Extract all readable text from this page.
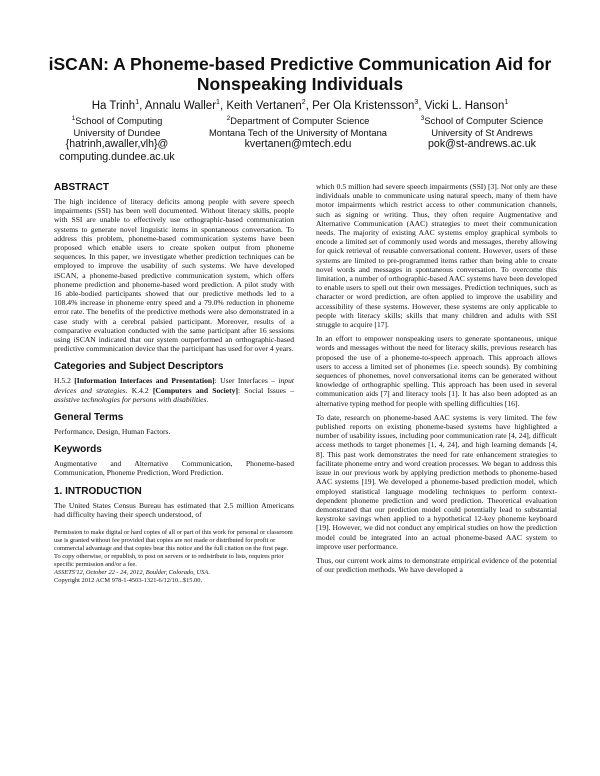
iSCAN: A Phoneme-based Predictive Communication Aid for Nonspeaking Individuals
Ha Trinh$^1$, Annalu Waller$^1$, Keith Vertanen$^2$, Per Ola Kristensson$^3$, Vicki L. Hanson$^1$
$^1$School of Computing
University of Dundee
{hatrinh,awaller,vlh}@
computing.dundee.ac.uk
$^2$Department of Computer Science
Montana Tech of the University of Montana
kvertanen@mtech.edu
$^3$School of Computer Science
University of St Andrews
pok@st-andrews.ac.uk
ABSTRACT

The high incidence of literacy deficits among people with severe speech impairments (SSI) has been well documented. Without literacy skills, people with SSI are unable to effectively use orthographic-based communication systems to generate novel linguistic items in spontaneous conversation. To address this problem, phoneme-based communication systems have been proposed which enable users to create spoken output from phoneme sequences. In this paper, we investigate whether prediction techniques can be employed to improve the usability of such systems. We have developed iSCAN, a phoneme-based predictive communication system, which offers phoneme prediction and phoneme-based word prediction. A pilot study with 16 able-bodied participants showed that our predictive methods led to a 108.4% increase in phoneme entry speed and a 79.0% reduction in phoneme error rate. The benefits of the predictive methods were also demonstrated in a case study with a cerebral palsied participant. Moreover, results of a comparative evaluation conducted with the same participant after 16 sessions using iSCAN indicated that our system outperformed an orthographic-based predictive communication device that the participant has used for over 4 years.

Categories and Subject Descriptors

H.5.2 [Information Interfaces and Presentation]: User Interfaces – input devices and strategies. K.4.2 [Computers and Society]: Social Issues – assistive technologies for persons with disabilities.

General Terms

Performance, Design, Human Factors.

Keywords

Augmentative and Alternative Communication, Phoneme-based Communication, Phoneme Prediction, Word Prediction.

1. INTRODUCTION

The United States Census Bureau has estimated that 2.5 million Americans had difficulty having their speech understood, of

Permission to make digital or hard copies of all or part of this work for personal or classroom use is granted without fee provided that copies are not made or distributed for profit or commercial advantage and that copies bear this notice and the full citation on the first page. To copy otherwise, or republish, to post on servers or to redistribute to lists, requires prior specific permission and/or a fee.

ASSETS'12, October 22 - 24, 2012, Boulder, Colorado, USA.

Copyright 2012 ACM 978-1-4503-1321-6/12/10...$15.00.

which 0.5 million had severe speech impairments (SSI) [3]. Not only are these individuals unable to communicate using natural speech, many of them have motor impairments which restrict access to other communication channels, such as signing or writing. Thus, they often require Augmentative and Alternative Communication (AAC) strategies to meet their communication needs. The majority of existing AAC systems employ graphical symbols to encode a limited set of commonly used words and messages, thereby allowing for quick retrieval of reusable conversational content. However, users of these systems are limited to pre-programmed items rather than being able to create novel words and messages in spontaneous conversation. To overcome this limitation, a number of orthographic-based AAC systems have been developed to enable users to spell out their own messages. Prediction techniques, such as character or word prediction, are often applied to improve the usability and accessibility of these systems. However, these systems are only applicable to people with literacy skills; skills that many children and adults with SSI struggle to acquire [17].

In an effort to empower nonspeaking users to generate spontaneous, unique words and messages without the need for literacy skills, previous research has proposed the use of a phoneme-to-speech approach. This approach allows users to access a limited set of phonemes (i.e. speech sounds). By combining sequences of phonemes, novel conversational items can be generated without knowledge of orthographic spelling. This approach has been used in several communication aids [7] and literacy tools [1]. It has also been adopted as an alternative typing method for people with spelling difficulties [16].

To date, research on phoneme-based AAC systems is very limited. The few published reports on existing phoneme-based systems have highlighted a number of usability issues, including poor communication rate [4, 24], difficult access methods to target phonemes [1, 4, 24], and high learning demands [4, 8]. This past work demonstrates the need for rate enhancement strategies to facilitate phoneme entry and word creation processes. We began to address this issue in our previous work by applying prediction methods to phoneme-based AAC systems [19]. We developed a phoneme-based prediction model, which employed statistical language modeling techniques to perform context-dependent phoneme prediction and word prediction. Theoretical evaluation demonstrated that our prediction model could potentially lead to substantial keystroke savings when applied to a hypothetical 12-key phoneme keyboard [19]. However, we did not conduct any empirical studies on how the prediction model could be integrated into an actual phoneme-based AAC system to improve user performance.

Thus, our current work aims to demonstrate empirical evidence of the potential of our prediction methods. We have developed a
